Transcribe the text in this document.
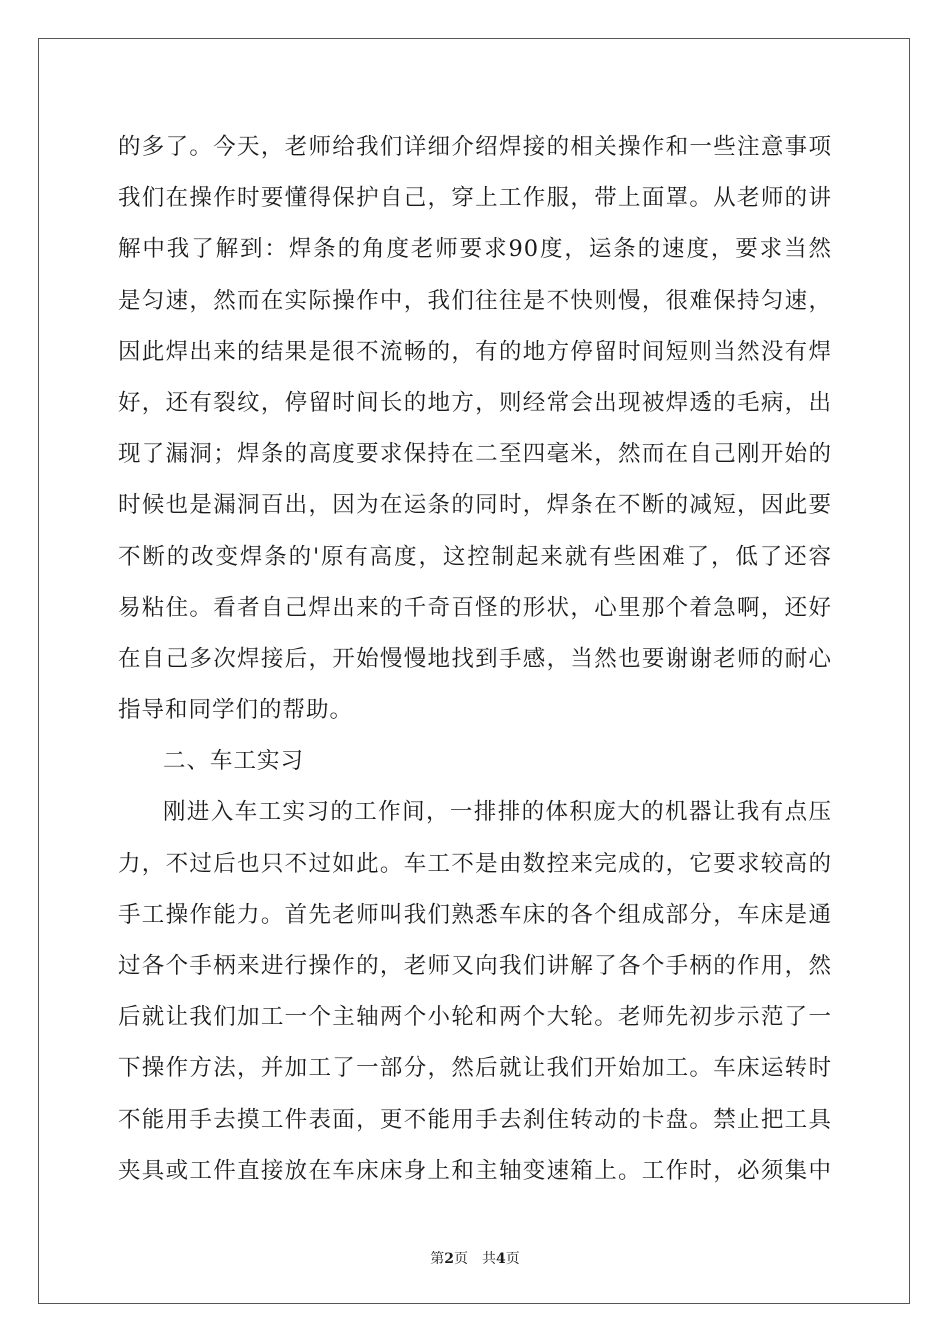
的多了。今天，老师给我们详细介绍焊接的相关操作和一些注意事项
我们在操作时要懂得保护自己，穿上工作服，带上面罩。从老师的讲
解中我了解到：焊条的角度老师要求90度，运条的速度，要求当然
是匀速，然而在实际操作中，我们往往是不快则慢，很难保持匀速，
因此焊出来的结果是很不流畅的，有的地方停留时间短则当然没有焊
好，还有裂纹，停留时间长的地方，则经常会出现被焊透的毛病，出
现了漏洞；焊条的高度要求保持在二至四毫米，然而在自己刚开始的
时候也是漏洞百出，因为在运条的同时，焊条在不断的减短，因此要
不断的改变焊条的'原有高度，这控制起来就有些困难了，低了还容
易粘住。看者自己焊出来的千奇百怪的形状，心里那个着急啊，还好
在自己多次焊接后，开始慢慢地找到手感，当然也要谢谢老师的耐心
指导和同学们的帮助。
二、车工实习
刚进入车工实习的工作间，一排排的体积庞大的机器让我有点压
力，不过后也只不过如此。车工不是由数控来完成的，它要求较高的
手工操作能力。首先老师叫我们熟悉车床的各个组成部分，车床是通
过各个手柄来进行操作的，老师又向我们讲解了各个手柄的作用，然
后就让我们加工一个主轴两个小轮和两个大轮。老师先初步示范了一
下操作方法，并加工了一部分，然后就让我们开始加工。车床运转时
不能用手去摸工件表面，更不能用手去刹住转动的卡盘。禁止把工具
夹具或工件直接放在车床床身上和主轴变速箱上。工作时，必须集中
第2页 共4页
